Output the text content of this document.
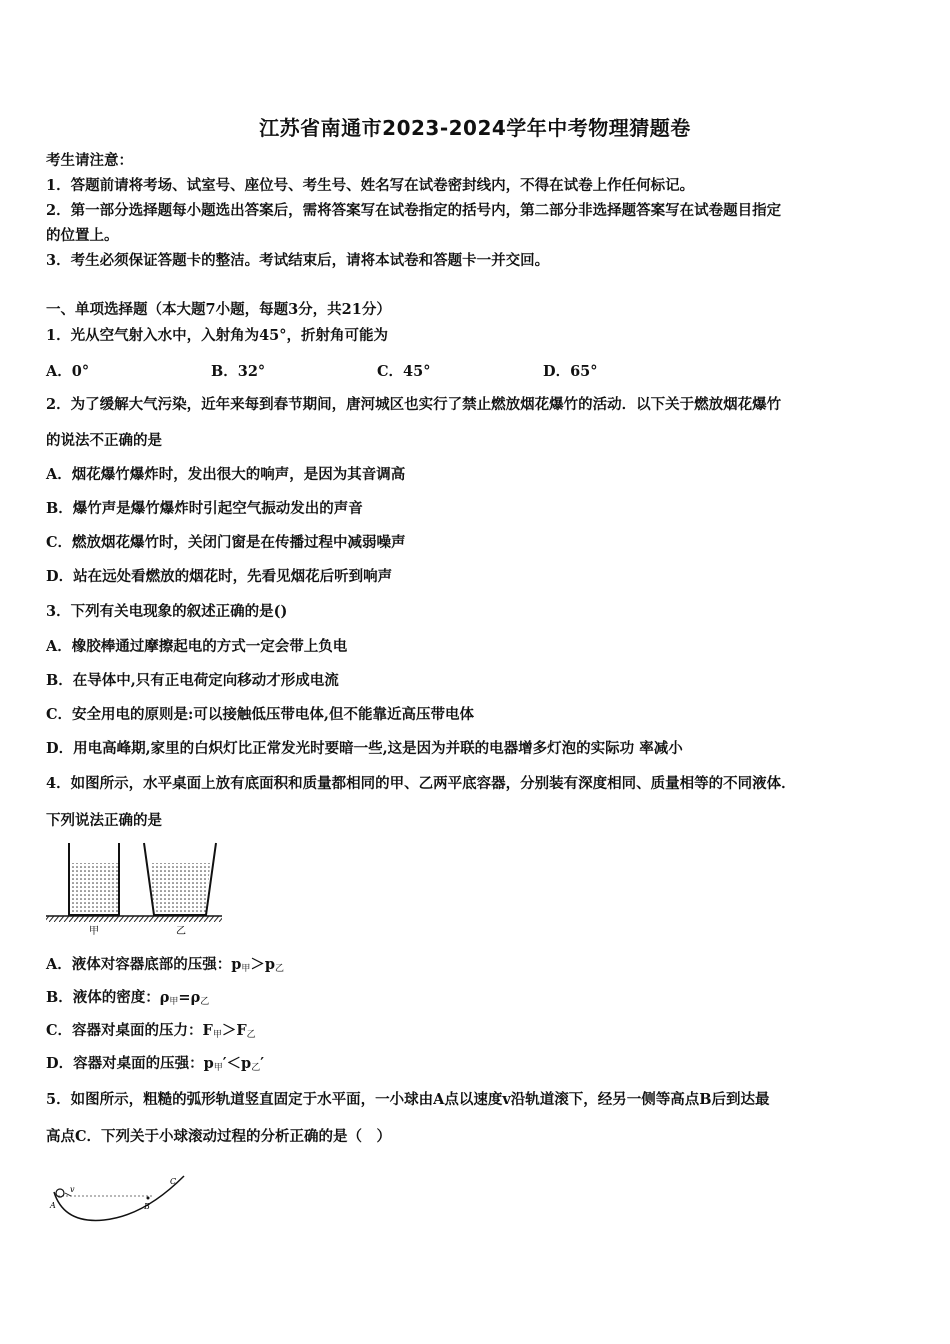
江苏省南通市2023-2024学年中考物理猜题卷
考生请注意：
1．答题前请将考场、试室号、座位号、考生号、姓名写在试卷密封线内，不得在试卷上作任何标记。
2．第一部分选择题每小题选出答案后，需将答案写在试卷指定的括号内，第二部分非选择题答案写在试卷题目指定
的位置上。
3．考生必须保证答题卡的整洁。考试结束后，请将本试卷和答题卡一并交回。
一、单项选择题（本大题7小题，每题3分，共21分）
1．光从空气射入水中，入射角为45°，折射角可能为
A．0°	B．32°	C．45°	D．65°
2．为了缓解大气污染，近年来每到春节期间，唐河城区也实行了禁止燃放烟花爆竹的活动．以下关于燃放烟花爆竹
的说法不正确的是
A．烟花爆竹爆炸时，发出很大的响声，是因为其音调高
B．爆竹声是爆竹爆炸时引起空气振动发出的声音
C．燃放烟花爆竹时，关闭门窗是在传播过程中减弱噪声
D．站在远处看燃放的烟花时，先看见烟花后听到响声
3．下列有关电现象的叙述正确的是()
A．橡胶棒通过摩擦起电的方式一定会带上负电
B．在导体中,只有正电荷定向移动才形成电流
C．安全用电的原则是:可以接触低压带电体,但不能靠近高压带电体
D．用电高峰期,家里的白炽灯比正常发光时要暗一些,这是因为并联的电器增多灯泡的实际功 率减小
4．如图所示，水平桌面上放有底面积和质量都相同的甲、乙两平底容器，分别装有深度相同、质量相等的不同液体．
下列说法正确的是
甲	乙
A．液体对容器底部的压强：$p_甲>p_乙$
B．液体的密度：$\rho_甲=\rho_乙$
C．容器对桌面的压力：$F_甲>F_乙$
D．容器对桌面的压强：$p_甲'<p_乙'$
5．如图所示，粗糙的弧形轨道竖直固定于水平面，一小球由A点以速度v沿轨道滚下，经另一侧等高点B后到达最
高点C．下列关于小球滚动过程的分析正确的是（　）
v
A	B
C
